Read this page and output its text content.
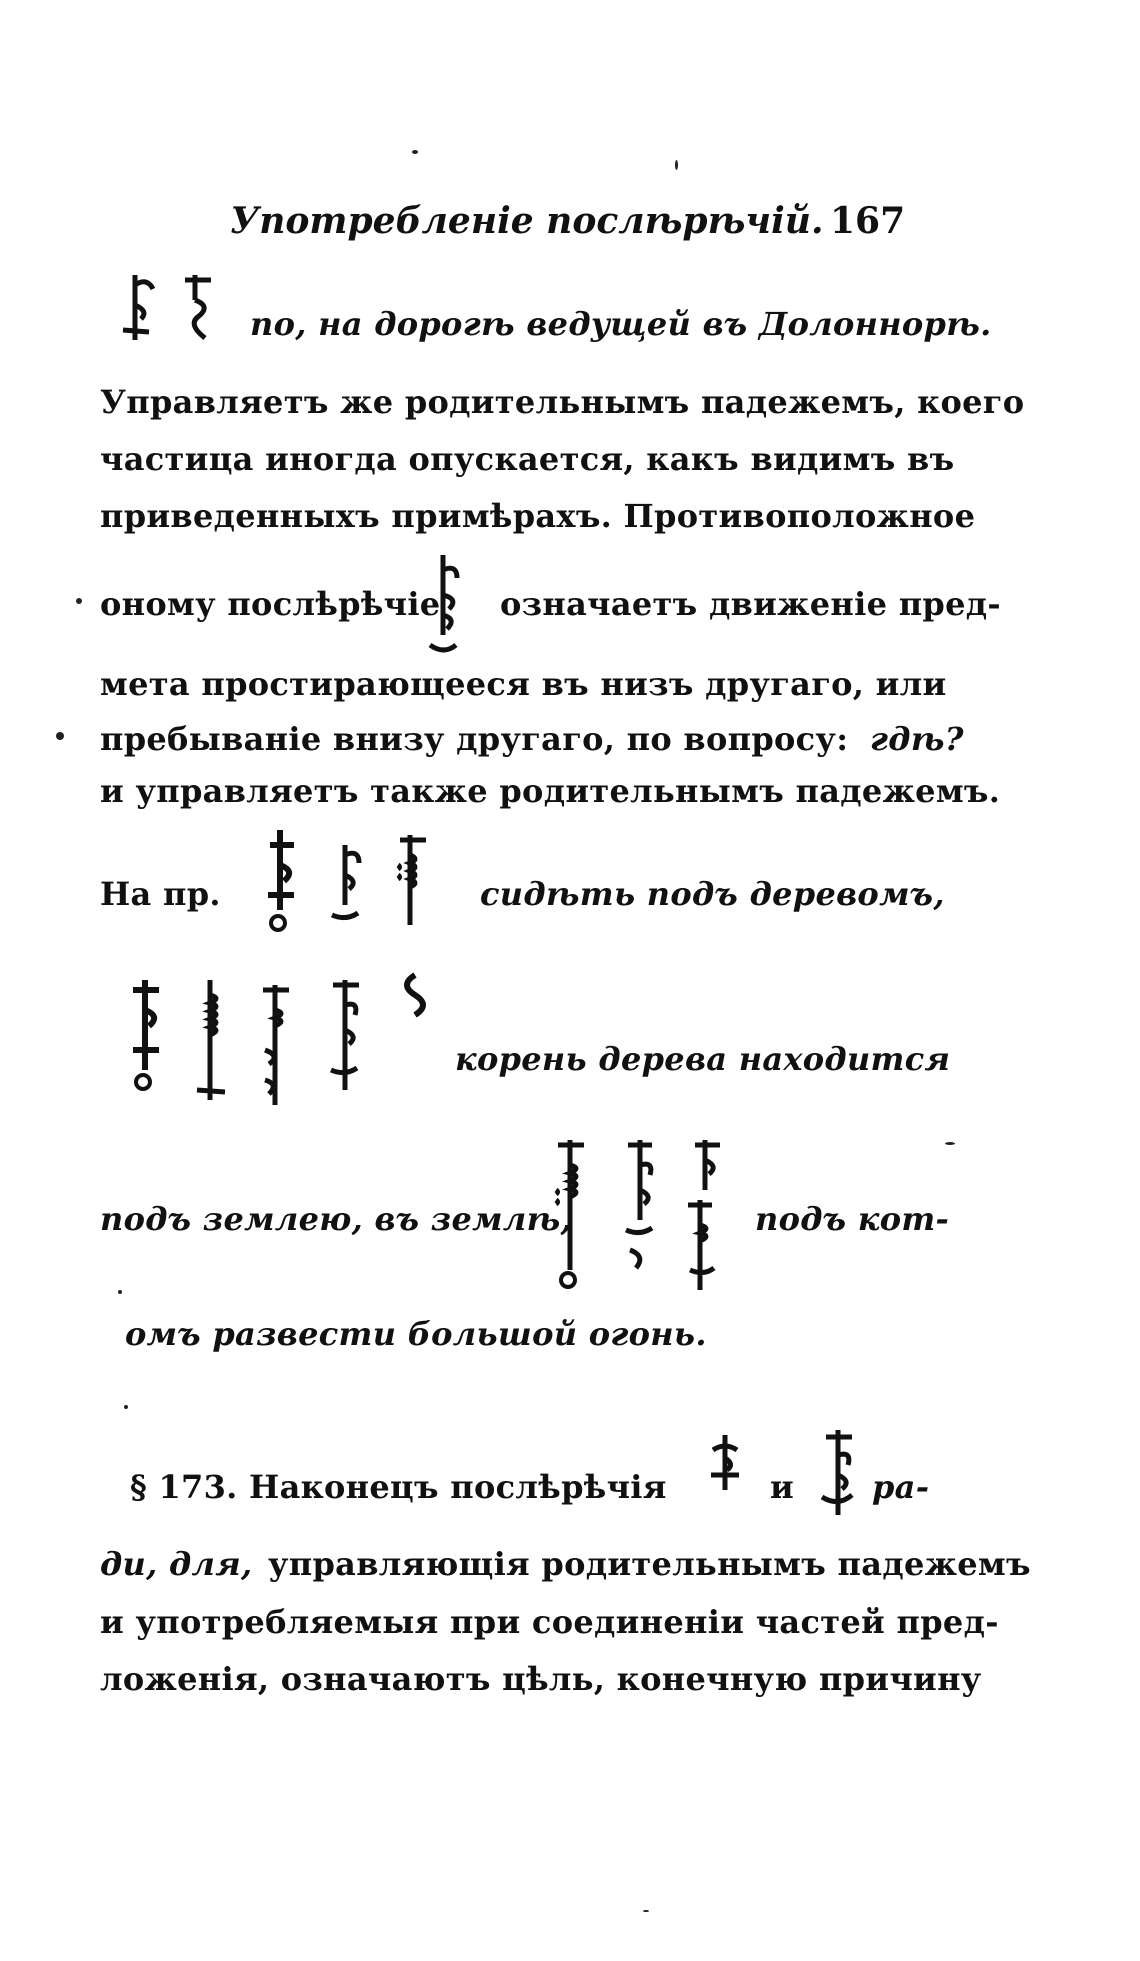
Употребленіе послѣрѣчій. 167
по, на дорогѣ ведущей въ Долоннорѣ.
Управляетъ же родительнымъ падежемъ, коего
частица иногда опускается, какъ видимъ въ
приведенныхъ примѣрахъ. Противоположное
оному послѣрѣчіе означаетъ движеніе пред-
мета простирающееся въ низъ другаго, или
пребываніе внизу другаго, по вопросу: гдѣ?
и управляетъ также родительнымъ падежемъ.
На пр.	сидѣть подъ деревомъ,
корень дерева находится
подъ землею, въ землѣ,	подъ кот-
омъ развести большой огонь.
§ 173. Наконецъ послѣрѣчія	и ра-
ди, для, управляющія родительнымъ падежемъ
и употребляемыя при соединеніи частей пред-
ложенія, означаютъ цѣль, конечную причину
